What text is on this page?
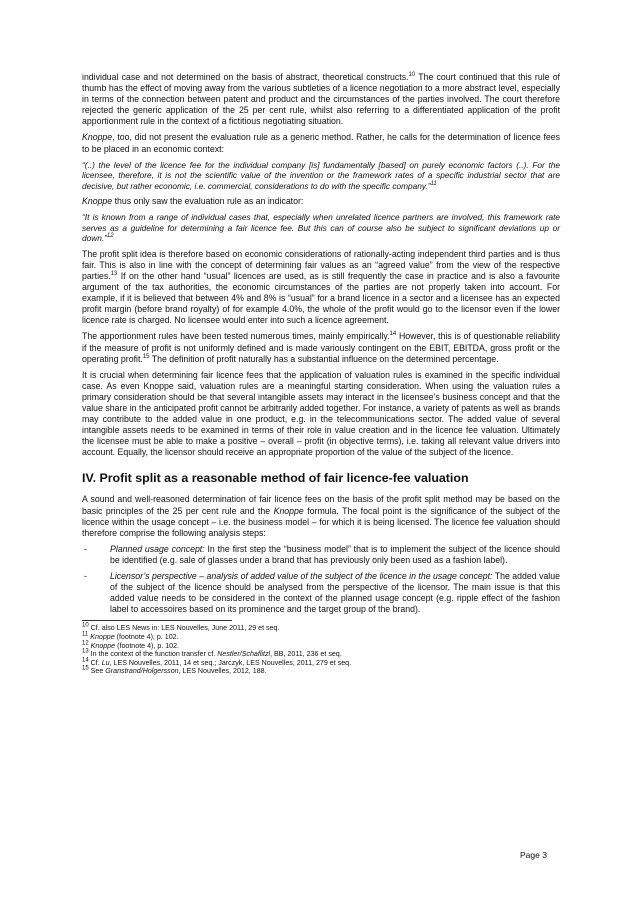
individual case and not determined on the basis of abstract, theoretical constructs.$^{10}$ The court continued that this rule of thumb has the effect of moving away from the various subtleties of a licence negotiation to a more abstract level, especially in terms of the connection between patent and product and the circumstances of the parties involved. The court therefore rejected the generic application of the 25 per cent rule, whilst also referring to a differentiated application of the profit apportionment rule in the context of a fictitious negotiating situation.

Knoppe, too, did not present the evaluation rule as a generic method. Rather, he calls for the determination of licence fees to be placed in an economic context:

“(..) the level of the licence fee for the individual company [is] fundamentally [based] on purely economic factors (..). For the licensee, therefore, it is not the scientific value of the invention or the framework rates of a specific industrial sector that are decisive, but rather economic, i.e. commercial, considerations to do with the specific company.”$^{11}$

Knoppe thus only saw the evaluation rule as an indicator:

“It is known from a range of individual cases that, especially when unrelated licence partners are involved, this framework rate serves as a guideline for determining a fair licence fee. But this can of course also be subject to significant deviations up or down.”$^{12}$

The profit split idea is therefore based on economic considerations of rationally-acting independent third parties and is thus fair. This is also in line with the concept of determining fair values as an “agreed value” from the view of the respective parties.$^{13}$ If on the other hand “usual” licences are used, as is still frequently the case in practice and is also a favourite argument of the tax authorities, the economic circumstances of the parties are not properly taken into account. For example, if it is believed that between 4% and 8% is “usual” for a brand licence in a sector and a licensee has an expected profit margin (before brand royalty) of for example 4.0%, the whole of the profit would go to the licensor even if the lower licence rate is charged. No licensee would enter into such a licence agreement.

The apportionment rules have been tested numerous times, mainly empirically.$^{14}$ However, this is of questionable reliability if the measure of profit is not uniformly defined and is made variously contingent on the EBIT, EBITDA, gross profit or the operating profit.$^{15}$ The definition of profit naturally has a substantial influence on the determined percentage.

It is crucial when determining fair licence fees that the application of valuation rules is examined in the specific individual case. As even Knoppe said, valuation rules are a meaningful starting consideration. When using the valuation rules a primary consideration should be that several intangible assets may interact in the licensee’s business concept and that the value share in the anticipated profit cannot be arbitrarily added together. For instance, a variety of patents as well as brands may contribute to the added value in one product, e.g. in the telecommunications sector. The added value of several intangible assets needs to be examined in terms of their role in value creation and in the licence fee valuation. Ultimately the licensee must be able to make a positive – overall – profit (in objective terms), i.e. taking all relevant value drivers into account. Equally, the licensor should receive an appropriate proportion of the value of the subject of the licence.

IV. Profit split as a reasonable method of fair licence-fee valuation

A sound and well-reasoned determination of fair licence fees on the basis of the profit split method may be based on the basic principles of the 25 per cent rule and the Knoppe formula. The focal point is the significance of the subject of the licence within the usage concept – i.e. the business model – for which it is being licensed. The licence fee valuation should therefore comprise the following analysis steps:

-	Planned usage concept: In the first step the “business model” that is to implement the subject of the licence should be identified (e.g. sale of glasses under a brand that has previously only been used as a fashion label).
-	Licensor’s perspective – analysis of added value of the subject of the licence in the usage concept: The added value of the subject of the licence should be analysed from the perspective of the licensor. The main issue is that this added value needs to be considered in the context of the planned usage concept (e.g. ripple effect of the fashion label to accessoires based on its prominence and the target group of the brand).
$^{10}$ Cf. also LES News in: LES Nouvelles, June 2011, 29 et seq.
$^{11}$ Knoppe (footnote 4), p. 102.
$^{12}$ Knoppe (footnote 4), p. 102.
$^{13}$ In the context of the function transfer cf. Nestler/Schaflitzl, BB, 2011, 236 et seq.
$^{14}$ Cf. Lu, LES Nouvelles, 2011, 14 et seq.; Jarczyk, LES Nouvelles, 2011, 279 et seq.
$^{15}$ See Granstrand/Holgersson, LES Nouvelles, 2012, 188.
Page 3
